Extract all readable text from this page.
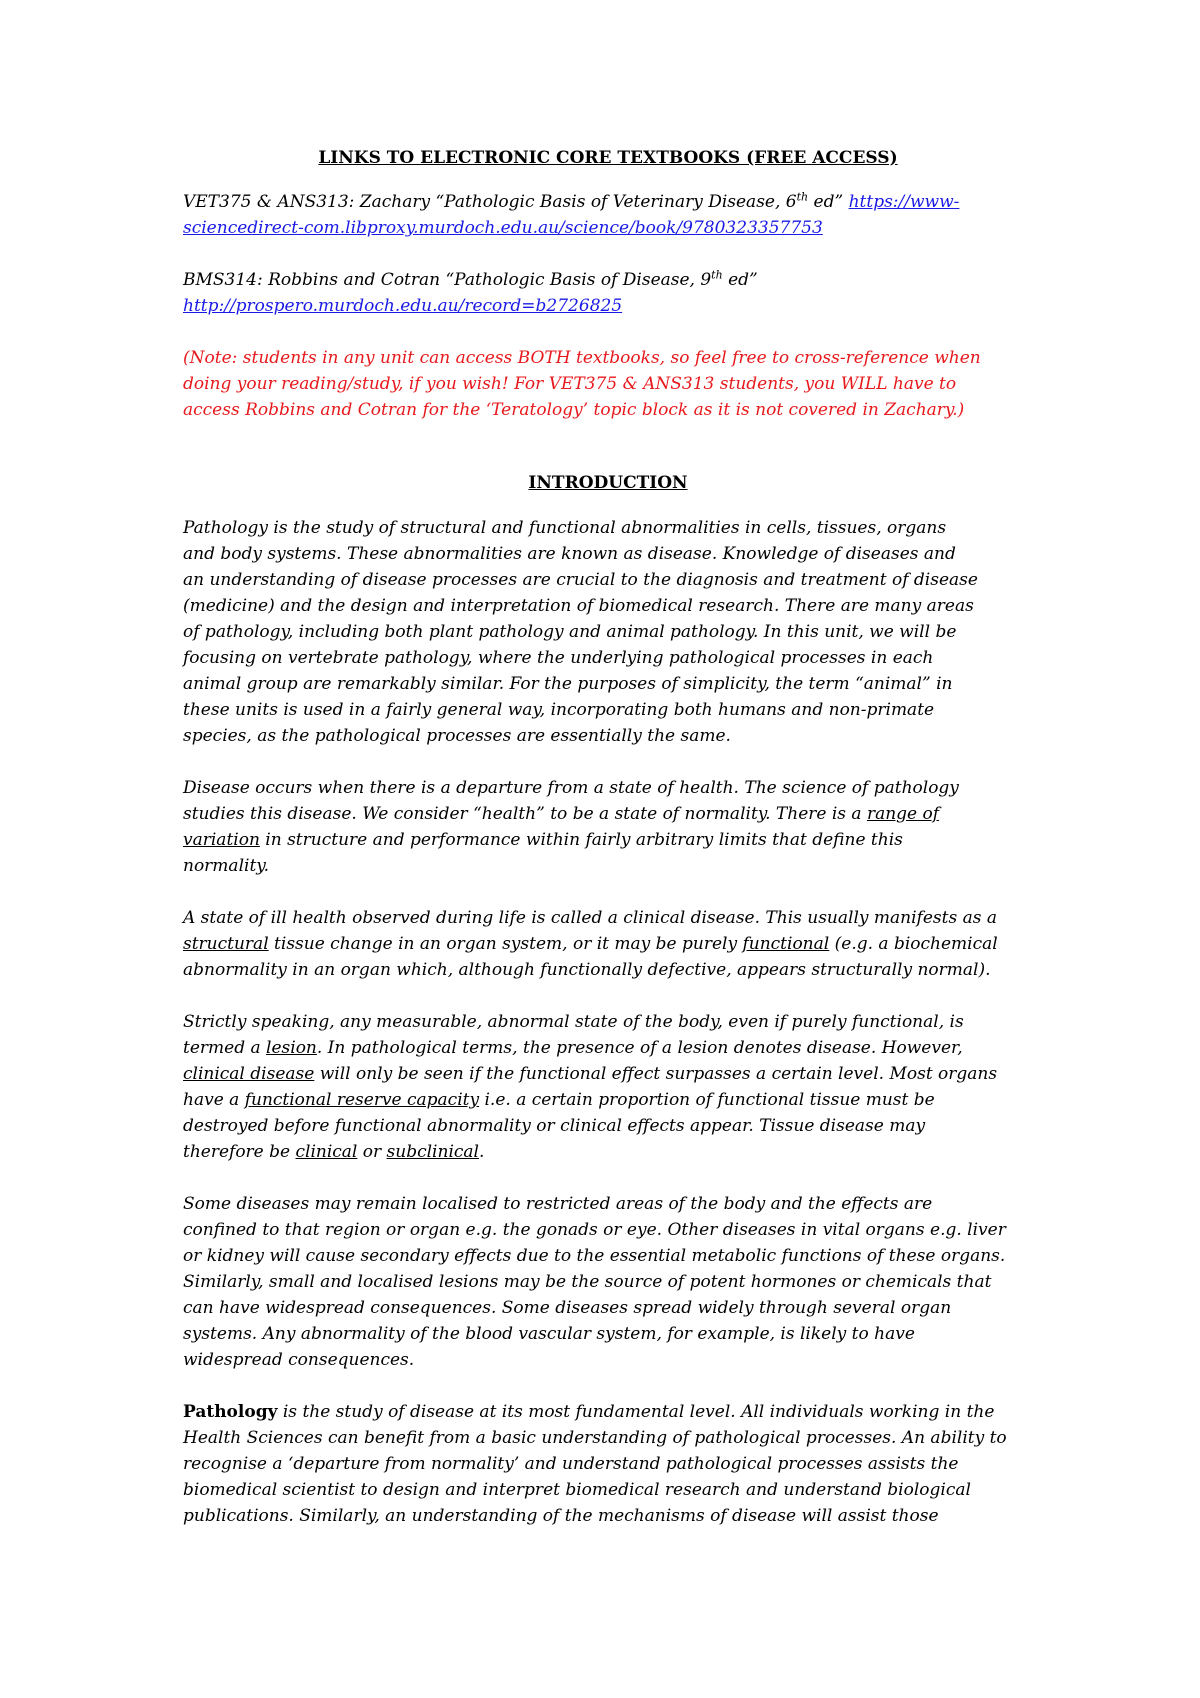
LINKS TO ELECTRONIC CORE TEXTBOOKS (FREE ACCESS)

VET375 & ANS313: Zachary “Pathologic Basis of Veterinary Disease, 6th ed” https://www-
sciencedirect-com.libproxy.murdoch.edu.au/science/book/9780323357753

BMS314: Robbins and Cotran “Pathologic Basis of Disease, 9th ed”
http://prospero.murdoch.edu.au/record=b2726825

(Note: students in any unit can access BOTH textbooks, so feel free to cross-reference when
doing your reading/study, if you wish! For VET375 & ANS313 students, you WILL have to
access Robbins and Cotran for the ‘Teratology’ topic block as it is not covered in Zachary.)

INTRODUCTION

Pathology is the study of structural and functional abnormalities in cells, tissues, organs
and body systems. These abnormalities are known as disease. Knowledge of diseases and
an understanding of disease processes are crucial to the diagnosis and treatment of disease
(medicine) and the design and interpretation of biomedical research. There are many areas
of pathology, including both plant pathology and animal pathology. In this unit, we will be
focusing on vertebrate pathology, where the underlying pathological processes in each
animal group are remarkably similar. For the purposes of simplicity, the term “animal” in
these units is used in a fairly general way, incorporating both humans and non-primate
species, as the pathological processes are essentially the same.

Disease occurs when there is a departure from a state of health. The science of pathology
studies this disease. We consider “health” to be a state of normality. There is a range of
variation in structure and performance within fairly arbitrary limits that define this
normality.

A state of ill health observed during life is called a clinical disease. This usually manifests as a
structural tissue change in an organ system, or it may be purely functional (e.g. a biochemical
abnormality in an organ which, although functionally defective, appears structurally normal).

Strictly speaking, any measurable, abnormal state of the body, even if purely functional, is
termed a lesion. In pathological terms, the presence of a lesion denotes disease. However,
clinical disease will only be seen if the functional effect surpasses a certain level. Most organs
have a functional reserve capacity i.e. a certain proportion of functional tissue must be
destroyed before functional abnormality or clinical effects appear. Tissue disease may
therefore be clinical or subclinical.

Some diseases may remain localised to restricted areas of the body and the effects are
confined to that region or organ e.g. the gonads or eye. Other diseases in vital organs e.g. liver
or kidney will cause secondary effects due to the essential metabolic functions of these organs.
Similarly, small and localised lesions may be the source of potent hormones or chemicals that
can have widespread consequences. Some diseases spread widely through several organ
systems. Any abnormality of the blood vascular system, for example, is likely to have
widespread consequences.

Pathology is the study of disease at its most fundamental level. All individuals working in the
Health Sciences can benefit from a basic understanding of pathological processes. An ability to
recognise a ‘departure from normality’ and understand pathological processes assists the
biomedical scientist to design and interpret biomedical research and understand biological
publications. Similarly, an understanding of the mechanisms of disease will assist those
